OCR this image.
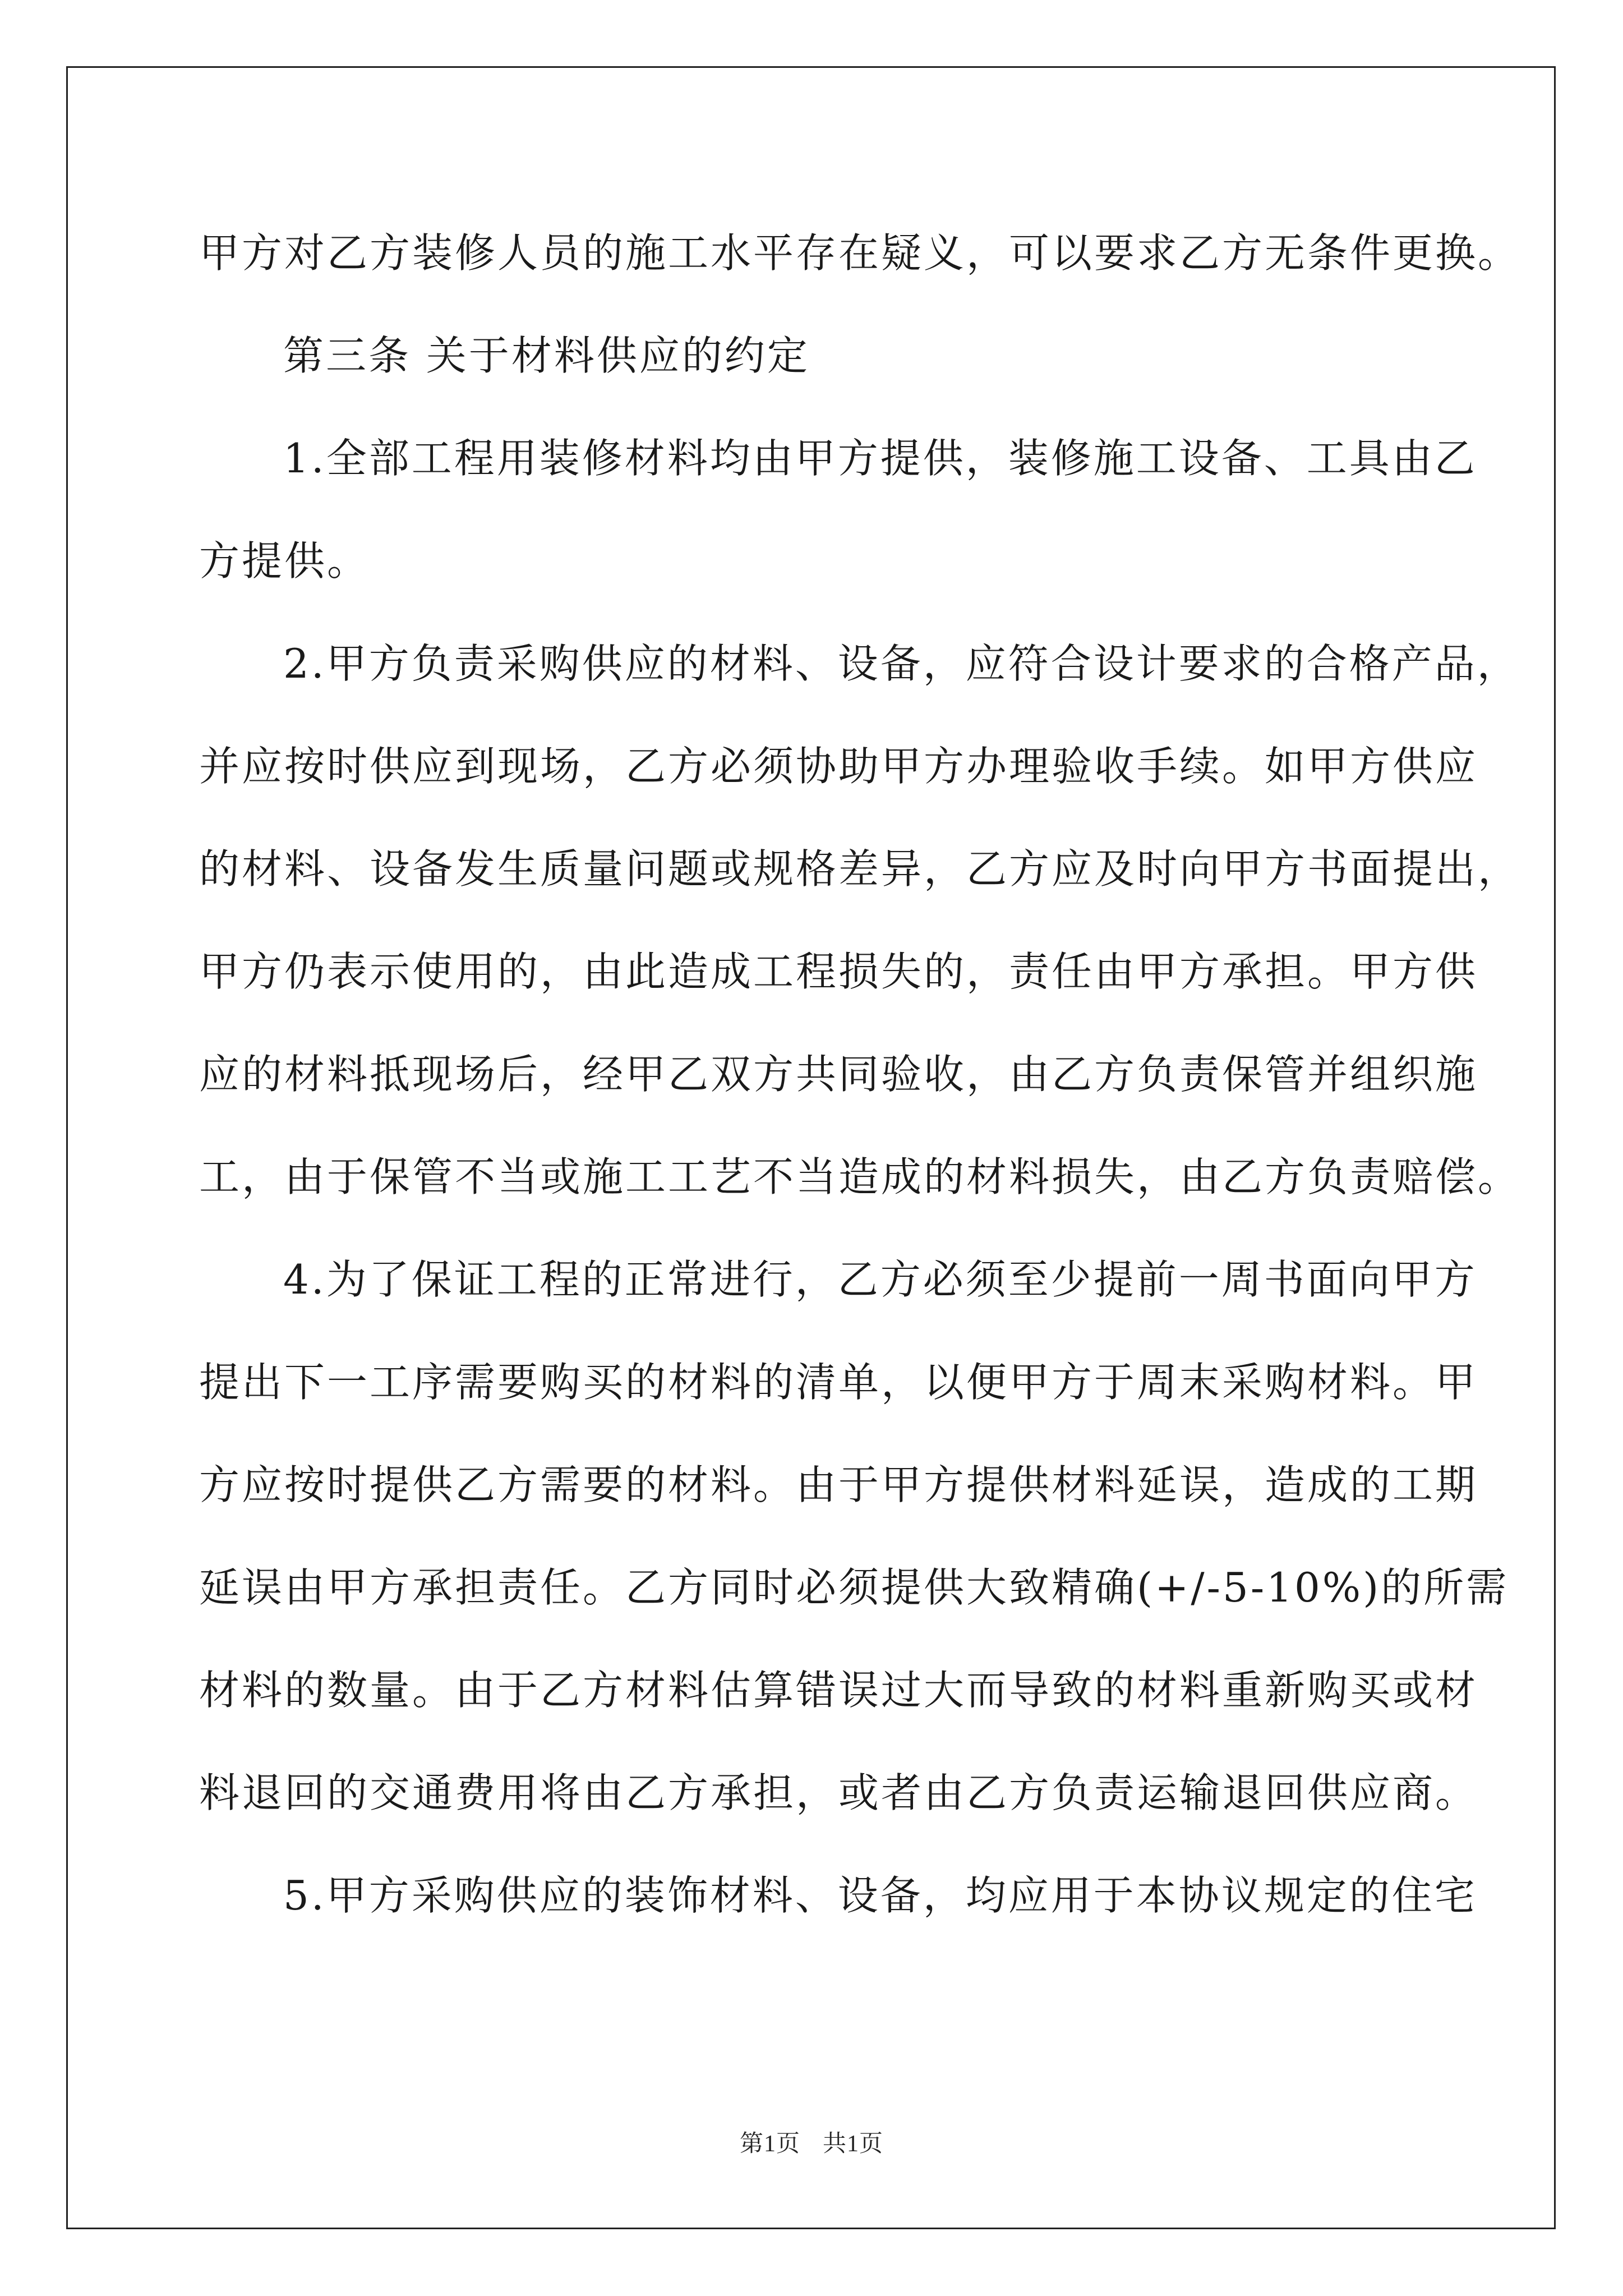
甲方对乙方装修人员的施工水平存在疑义，可以要求乙方无条件更换。

第三条 关于材料供应的约定

1.全部工程用装修材料均由甲方提供，装修施工设备、工具由乙

方提供。

2.甲方负责采购供应的材料、设备，应符合设计要求的合格产品，

并应按时供应到现场，乙方必须协助甲方办理验收手续。如甲方供应

的材料、设备发生质量问题或规格差异，乙方应及时向甲方书面提出，

甲方仍表示使用的，由此造成工程损失的，责任由甲方承担。甲方供

应的材料抵现场后，经甲乙双方共同验收，由乙方负责保管并组织施

工，由于保管不当或施工工艺不当造成的材料损失，由乙方负责赔偿。

4.为了保证工程的正常进行，乙方必须至少提前一周书面向甲方

提出下一工序需要购买的材料的清单，以便甲方于周末采购材料。甲

方应按时提供乙方需要的材料。由于甲方提供材料延误，造成的工期

延误由甲方承担责任。乙方同时必须提供大致精确(+/-5-10%)的所需

材料的数量。由于乙方材料估算错误过大而导致的材料重新购买或材

料退回的交通费用将由乙方承担，或者由乙方负责运输退回供应商。

5.甲方采购供应的装饰材料、设备，均应用于本协议规定的住宅

第1页 共1页
